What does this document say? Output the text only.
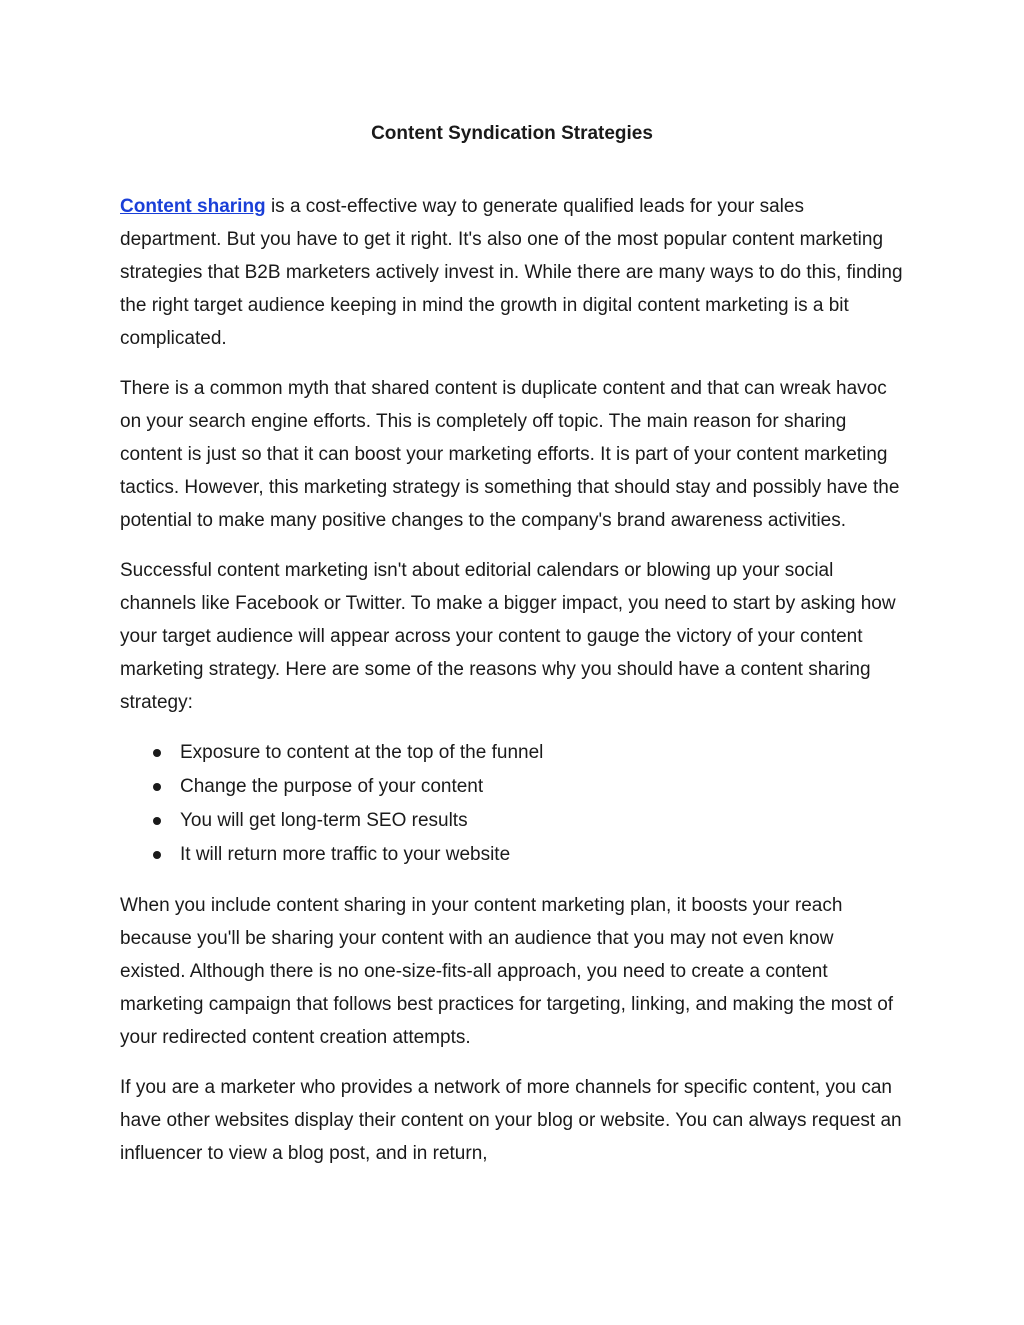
Content Syndication Strategies

Content sharing is a cost-effective way to generate qualified leads for your sales department. But you have to get it right. It's also one of the most popular content marketing strategies that B2B marketers actively invest in. While there are many ways to do this, finding the right target audience keeping in mind the growth in digital content marketing is a bit complicated.

There is a common myth that shared content is duplicate content and that can wreak havoc on your search engine efforts. This is completely off topic. The main reason for sharing content is just so that it can boost your marketing efforts. It is part of your content marketing tactics. However, this marketing strategy is something that should stay and possibly have the potential to make many positive changes to the company's brand awareness activities.

Successful content marketing isn't about editorial calendars or blowing up your social channels like Facebook or Twitter. To make a bigger impact, you need to start by asking how your target audience will appear across your content to gauge the victory of your content marketing strategy. Here are some of the reasons why you should have a content sharing strategy:

Exposure to content at the top of the funnel
Change the purpose of your content
You will get long-term SEO results
It will return more traffic to your website

When you include content sharing in your content marketing plan, it boosts your reach because you'll be sharing your content with an audience that you may not even know existed. Although there is no one-size-fits-all approach, you need to create a content marketing campaign that follows best practices for targeting, linking, and making the most of your redirected content creation attempts.

If you are a marketer who provides a network of more channels for specific content, you can have other websites display their content on your blog or website. You can always request an influencer to view a blog post, and in return,
